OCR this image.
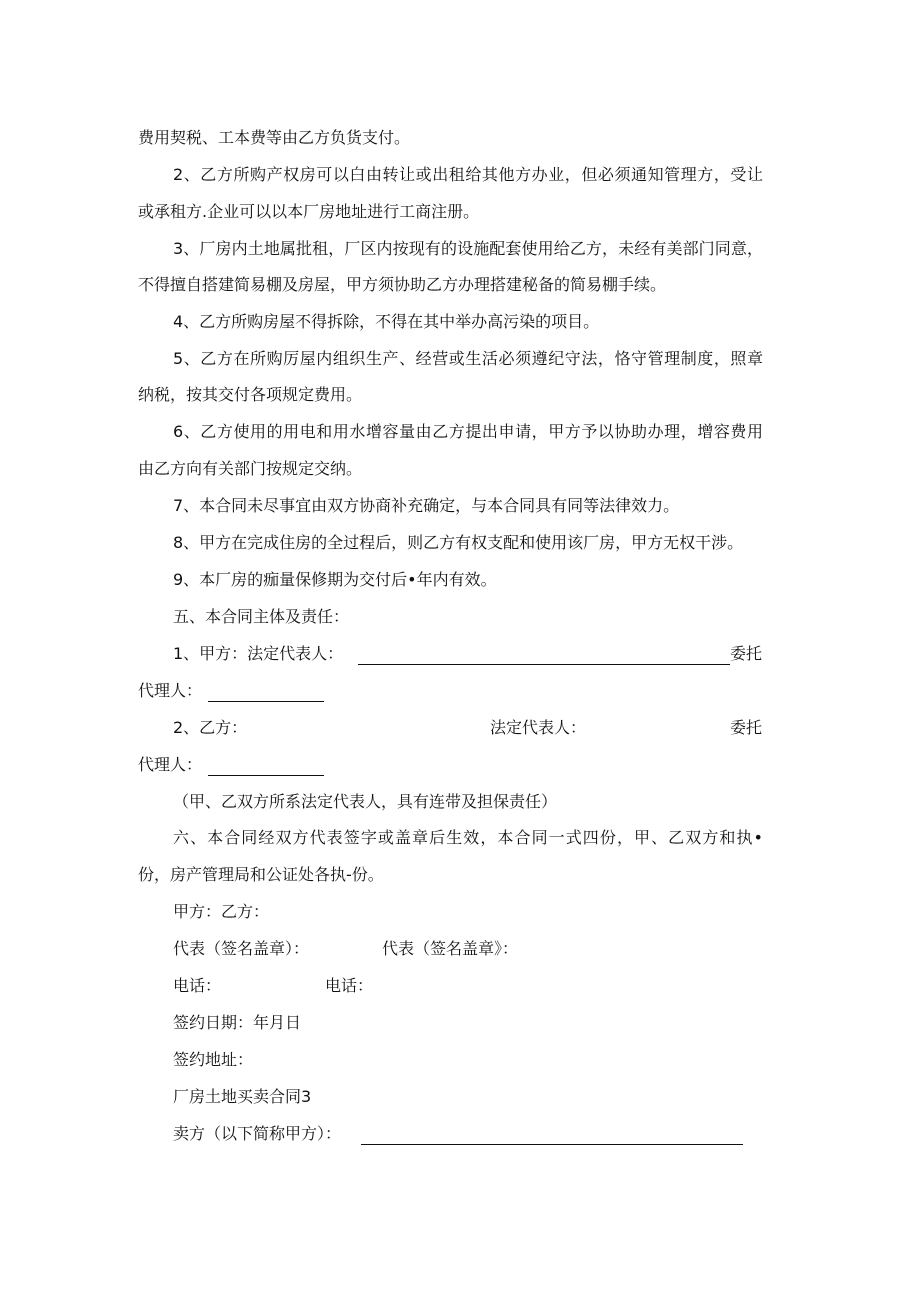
费用契税、工本费等由乙方负货支付。
2、乙方所购产权房可以白由转让或出租给其他方办业，但必须通知管理方，受让
或承租方.企业可以以本厂房地址进行工商注册。
3、厂房内土地属批租，厂区内按现有的设施配套使用给乙方，未经有美部门同意，
不得擅自搭建简易棚及房屋，甲方须协助乙方办理搭建秘备的简易棚手续。
4、乙方所购房屋不得拆除，不得在其中举办高污染的项目。
5、乙方在所购厉屋内组织生产、经营或生活必须遵纪守法，恪守管理制度，照章
纳税，按其交付各项规定费用。
6、乙方使用的用电和用水增容量由乙方提出申请，甲方予以协助办理，增容费用
由乙方向有关部门按规定交纳。
7、本合同未尽事宜由双方协商补充确定，与本合同具有同等法律效力。
8、甲方在完成住房的全过程后，则乙方有权支配和使用该厂房，甲方无权干涉。
9、本厂房的痂量保修期为交付后•年内有效。
五、本合同主体及责任：
1、甲方：法定代表人：	委托
代理人：
2、乙方：	法定代表人：	委托
代理人：
（甲、乙双方所系法定代表人，具有连带及担保责任）
六、本合同经双方代表签字或盖章后生效，本合同一式四份，甲、乙双方和执•
份，房产管理局和公证处各执-份。
甲方：乙方：
代表（签名盖章）：	代表（签名盖章》：
电话：	电话：
签约日期：年月日
签约地址：
厂房土地买卖合同3
卖方（以下简称甲方）：
